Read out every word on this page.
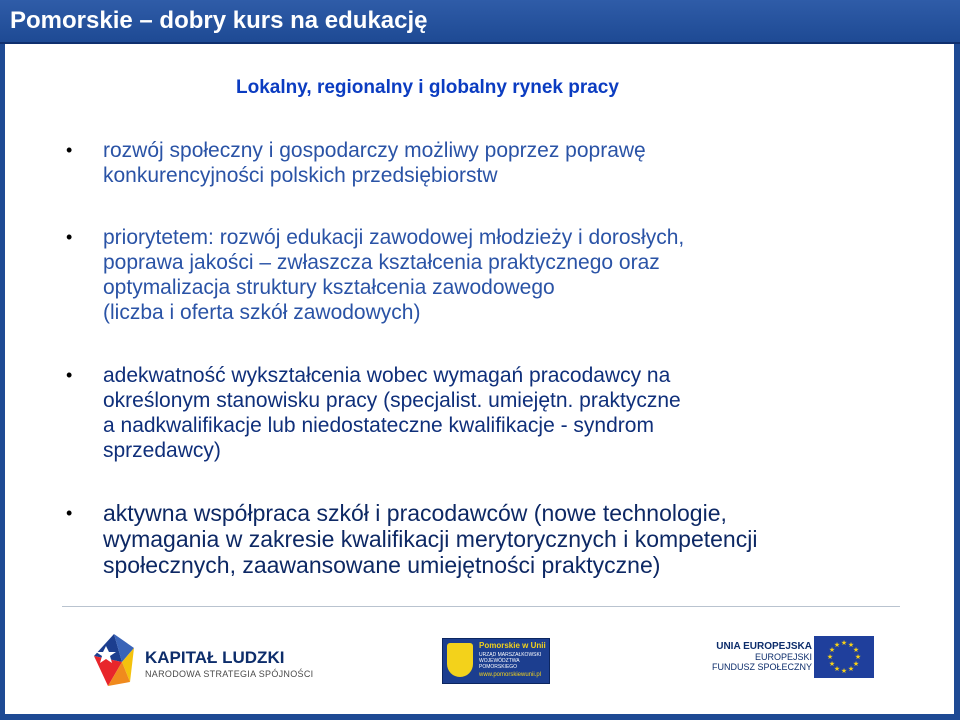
Pomorskie – dobry kurs na edukację
Lokalny, regionalny i globalny rynek pracy
• rozwój społeczny i gospodarczy możliwy poprzez poprawę
konkurencyjności polskich przedsiębiorstw
• priorytetem: rozwój edukacji zawodowej młodzieży i dorosłych,
poprawa jakości – zwłaszcza kształcenia praktycznego oraz
optymalizacja struktury kształcenia zawodowego
(liczba i oferta szkół zawodowych)
• adekwatność wykształcenia wobec wymagań pracodawcy na
określonym stanowisku pracy (specjalist. umiejętn. praktyczne
a nadkwalifikacje lub niedostateczne kwalifikacje - syndrom
sprzedawcy)
• aktywna współpraca szkół i pracodawców (nowe technologie,
wymagania w zakresie kwalifikacji merytorycznych i kompetencji
społecznych, zaawansowane umiejętności praktyczne)
KAPITAŁ LUDZKI
NARODOWA STRATEGIA SPÓJNOŚCI
Pomorskie w Unii
URZĄD MARSZAŁKOWSKI
WOJEWÓDZTWA POMORSKIEGO
www.pomorskiewunii.pl
UNIA EUROPEJSKA
EUROPEJSKI
FUNDUSZ SPOŁECZNY
★ ★
★
★
★
★
★
★
★
★
★
★
